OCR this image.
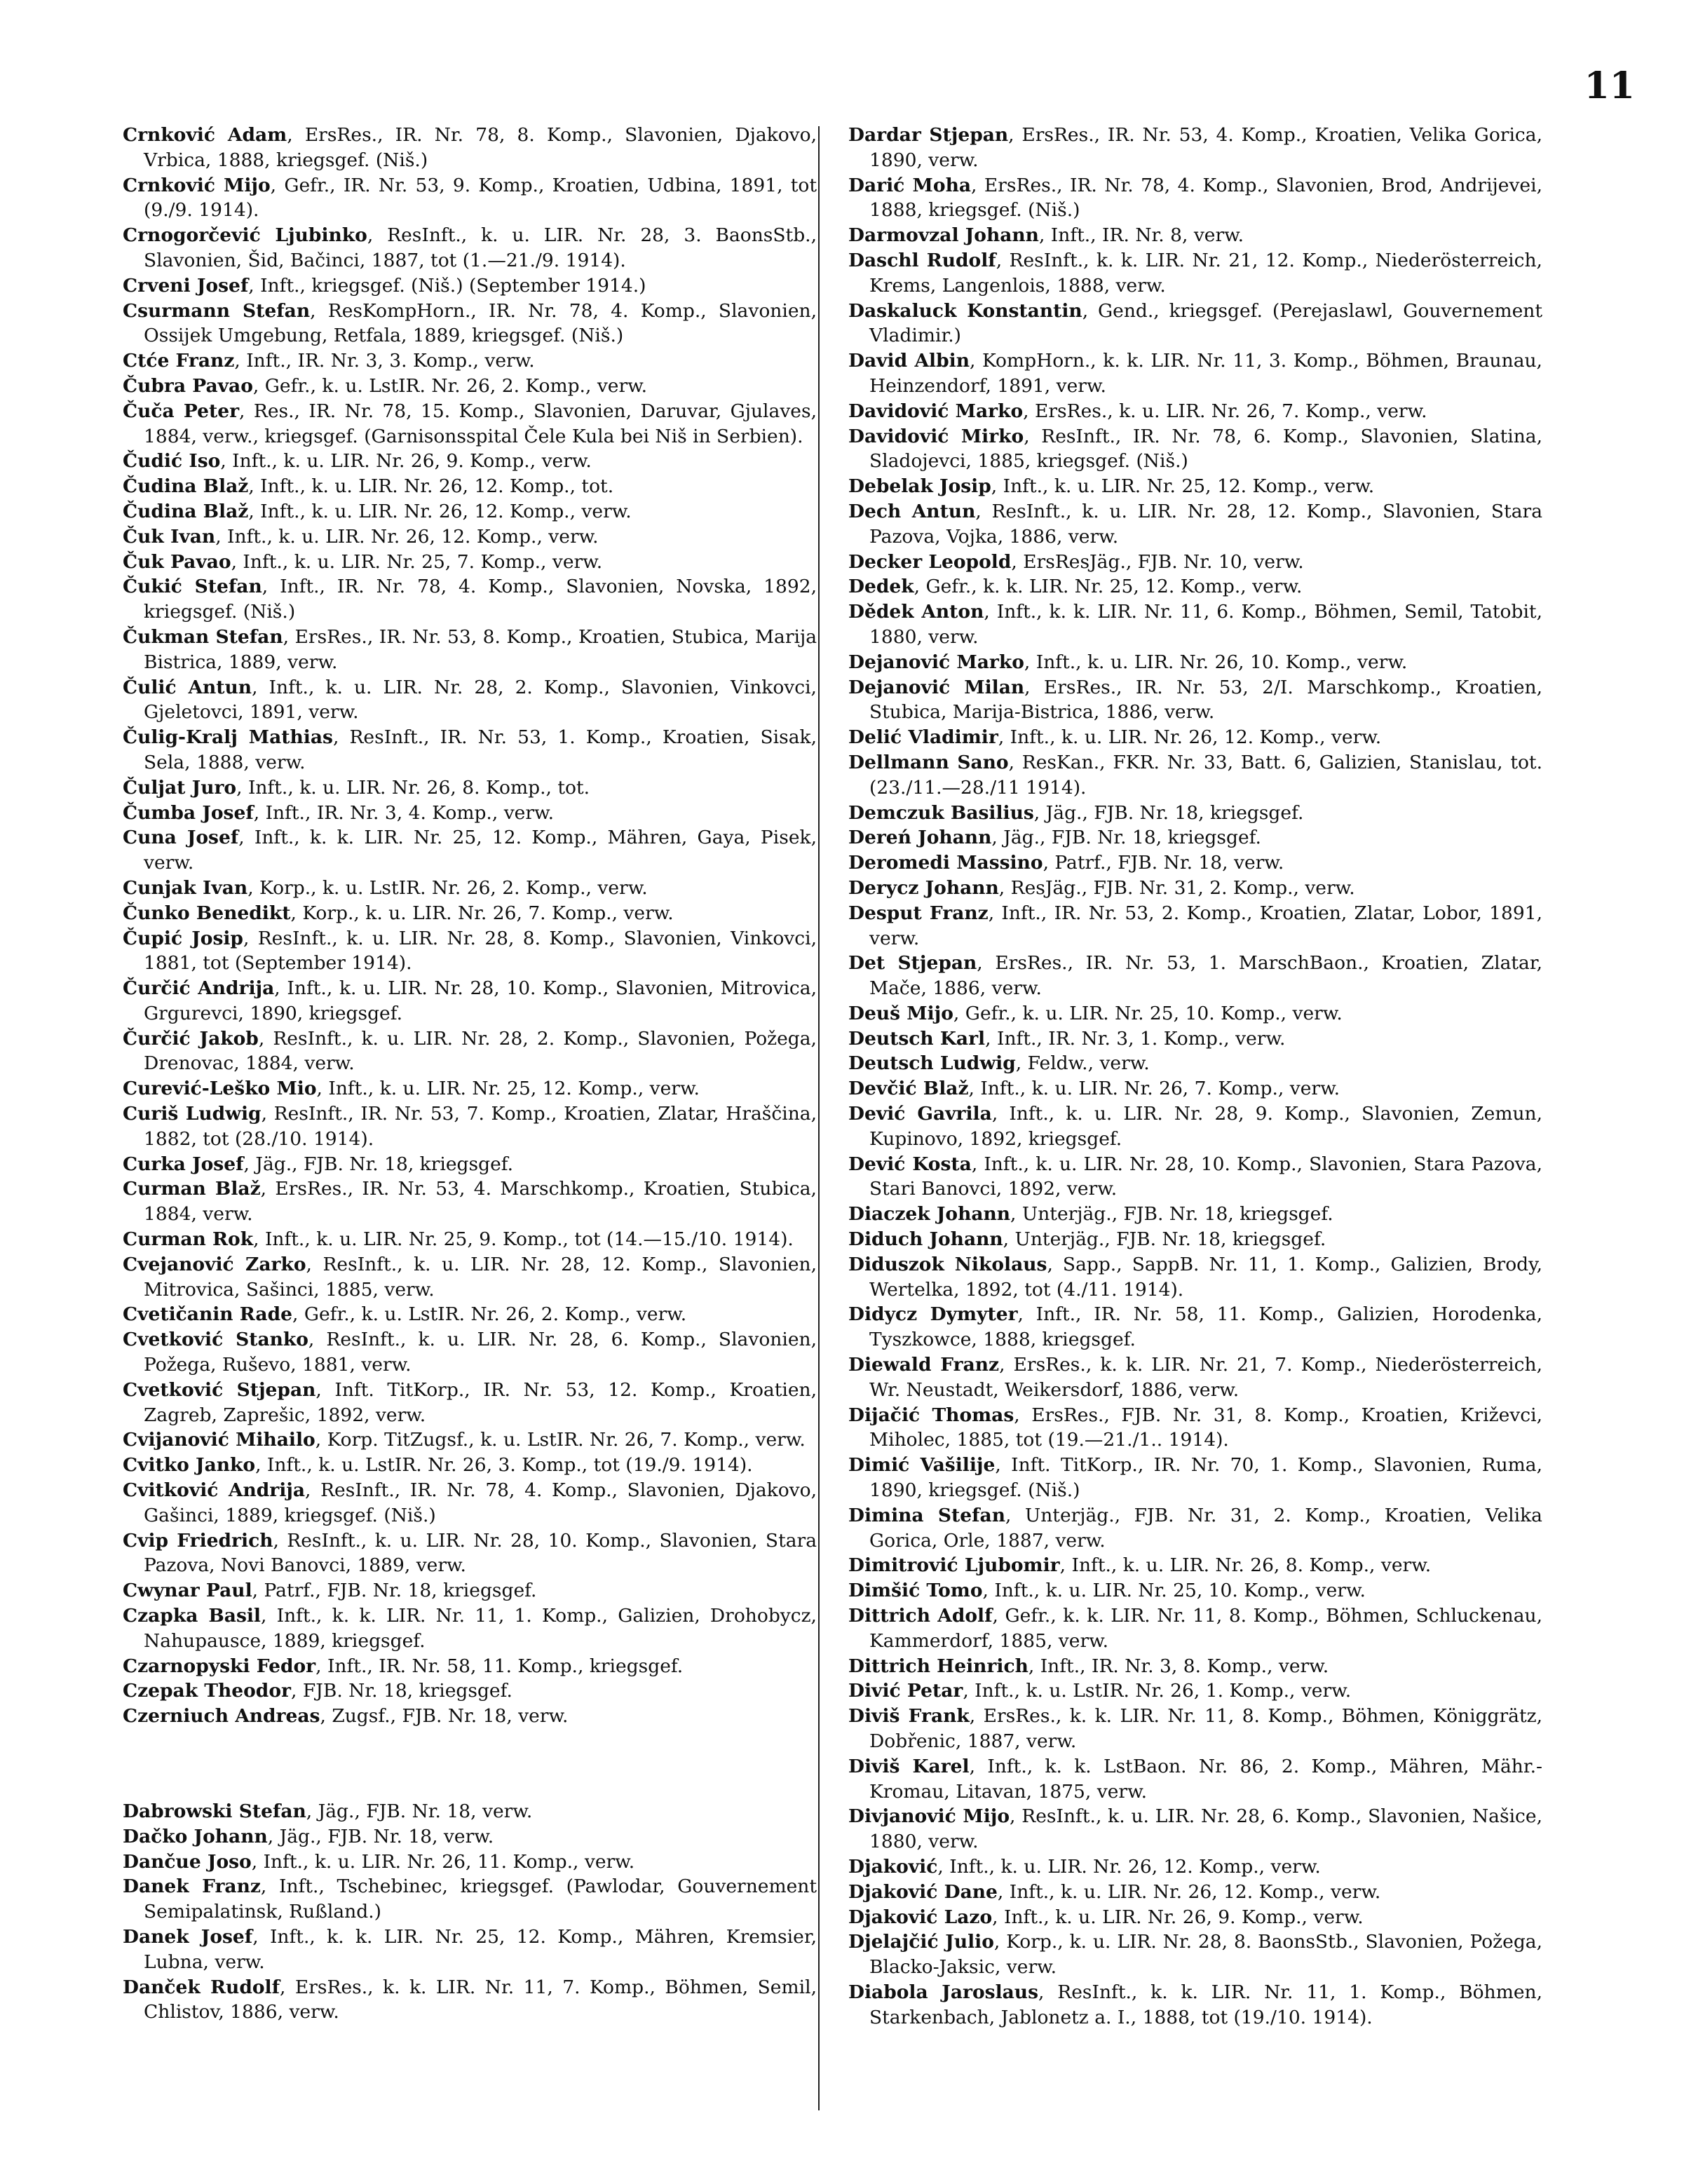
11

Crnković Adam, ErsRes., IR. Nr. 78, 8. Komp., Slavonien, Djakovo, Vrbica, 1888, kriegsgef. (Niš.)

Crnković Mijo, Gefr., IR. Nr. 53, 9. Komp., Kroatien, Udbina, 1891, tot (9./9. 1914).

Crnogorčević Ljubinko, ResInft., k. u. LIR. Nr. 28, 3. BaonsStb., Slavonien, Šid, Bačinci, 1887, tot (1.—21./9. 1914).

Crveni Josef, Inft., kriegsgef. (Niš.) (September 1914.)

Csurmann Stefan, ResKompHorn., IR. Nr. 78, 4. Komp., Slavonien, Ossijek Umgebung, Retfala, 1889, kriegsgef. (Niš.)

Ctće Franz, Inft., IR. Nr. 3, 3. Komp., verw.

Čubra Pavao, Gefr., k. u. LstIR. Nr. 26, 2. Komp., verw.

Čuča Peter, Res., IR. Nr. 78, 15. Komp., Slavonien, Daruvar, Gjulaves, 1884, verw., kriegsgef. (Garnisonsspital Čele Kula bei Niš in Serbien).

Čudić Iso, Inft., k. u. LIR. Nr. 26, 9. Komp., verw.

Čudina Blaž, Inft., k. u. LIR. Nr. 26, 12. Komp., tot.

Čudina Blaž, Inft., k. u. LIR. Nr. 26, 12. Komp., verw.

Čuk Ivan, Inft., k. u. LIR. Nr. 26, 12. Komp., verw.

Čuk Pavao, Inft., k. u. LIR. Nr. 25, 7. Komp., verw.

Čukić Stefan, Inft., IR. Nr. 78, 4. Komp., Slavonien, Novska, 1892, kriegsgef. (Niš.)

Čukman Stefan, ErsRes., IR. Nr. 53, 8. Komp., Kroatien, Stubica, Marija Bistrica, 1889, verw.

Čulić Antun, Inft., k. u. LIR. Nr. 28, 2. Komp., Slavonien, Vinkovci, Gjeletovci, 1891, verw.

Čulig-Kralj Mathias, ResInft., IR. Nr. 53, 1. Komp., Kroatien, Sisak, Sela, 1888, verw.

Čuljat Juro, Inft., k. u. LIR. Nr. 26, 8. Komp., tot.

Čumba Josef, Inft., IR. Nr. 3, 4. Komp., verw.

Cuna Josef, Inft., k. k. LIR. Nr. 25, 12. Komp., Mähren, Gaya, Pisek, verw.

Cunjak Ivan, Korp., k. u. LstIR. Nr. 26, 2. Komp., verw.

Čunko Benedikt, Korp., k. u. LIR. Nr. 26, 7. Komp., verw.

Čupić Josip, ResInft., k. u. LIR. Nr. 28, 8. Komp., Slavonien, Vinkovci, 1881, tot (September 1914).

Čurčić Andrija, Inft., k. u. LIR. Nr. 28, 10. Komp., Slavonien, Mitrovica, Grgurevci, 1890, kriegsgef.

Čurčić Jakob, ResInft., k. u. LIR. Nr. 28, 2. Komp., Slavonien, Požega, Drenovac, 1884, verw.

Curević-Leško Mio, Inft., k. u. LIR. Nr. 25, 12. Komp., verw.

Curiš Ludwig, ResInft., IR. Nr. 53, 7. Komp., Kroatien, Zlatar, Hraščina, 1882, tot (28./10. 1914).

Curka Josef, Jäg., FJB. Nr. 18, kriegsgef.

Curman Blaž, ErsRes., IR. Nr. 53, 4. Marschkomp., Kroatien, Stubica, 1884, verw.

Curman Rok, Inft., k. u. LIR. Nr. 25, 9. Komp., tot (14.—15./10. 1914).

Cvejanović Zarko, ResInft., k. u. LIR. Nr. 28, 12. Komp., Slavonien, Mitrovica, Sašinci, 1885, verw.

Cvetičanin Rade, Gefr., k. u. LstIR. Nr. 26, 2. Komp., verw.

Cvetković Stanko, ResInft., k. u. LIR. Nr. 28, 6. Komp., Slavonien, Požega, Ruševo, 1881, verw.

Cvetković Stjepan, Inft. TitKorp., IR. Nr. 53, 12. Komp., Kroatien, Zagreb, Zaprešic, 1892, verw.

Cvijanović Mihailo, Korp. TitZugsf., k. u. LstIR. Nr. 26, 7. Komp., verw.

Cvitko Janko, Inft., k. u. LstIR. Nr. 26, 3. Komp., tot (19./9. 1914).

Cvitković Andrija, ResInft., IR. Nr. 78, 4. Komp., Slavonien, Djakovo, Gašinci, 1889, kriegsgef. (Niš.)

Cvip Friedrich, ResInft., k. u. LIR. Nr. 28, 10. Komp., Slavonien, Stara Pazova, Novi Banovci, 1889, verw.

Cwynar Paul, Patrf., FJB. Nr. 18, kriegsgef.

Czapka Basil, Inft., k. k. LIR. Nr. 11, 1. Komp., Galizien, Drohobycz, Nahupausce, 1889, kriegsgef.

Czarnopyski Fedor, Inft., IR. Nr. 58, 11. Komp., kriegsgef.

Czepak Theodor, FJB. Nr. 18, kriegsgef.

Czerniuch Andreas, Zugsf., FJB. Nr. 18, verw.

Dabrowski Stefan, Jäg., FJB. Nr. 18, verw.

Dačko Johann, Jäg., FJB. Nr. 18, verw.

Dančue Joso, Inft., k. u. LIR. Nr. 26, 11. Komp., verw.

Danek Franz, Inft., Tschebinec, kriegsgef. (Pawlodar, Gouvernement Semipalatinsk, Rußland.)

Danek Josef, Inft., k. k. LIR. Nr. 25, 12. Komp., Mähren, Kremsier, Lubna, verw.

Danček Rudolf, ErsRes., k. k. LIR. Nr. 11, 7. Komp., Böhmen, Semil, Chlistov, 1886, verw.

Dardar Stjepan, ErsRes., IR. Nr. 53, 4. Komp., Kroatien, Velika Gorica, 1890, verw.

Darić Moha, ErsRes., IR. Nr. 78, 4. Komp., Slavonien, Brod, Andrijevei, 1888, kriegsgef. (Niš.)

Darmovzal Johann, Inft., IR. Nr. 8, verw.

Daschl Rudolf, ResInft., k. k. LIR. Nr. 21, 12. Komp., Niederösterreich, Krems, Langenlois, 1888, verw.

Daskaluck Konstantin, Gend., kriegsgef. (Perejaslawl, Gouvernement Vladimir.)

David Albin, KompHorn., k. k. LIR. Nr. 11, 3. Komp., Böhmen, Braunau, Heinzendorf, 1891, verw.

Davidović Marko, ErsRes., k. u. LIR. Nr. 26, 7. Komp., verw.

Davidović Mirko, ResInft., IR. Nr. 78, 6. Komp., Slavonien, Slatina, Sladojevci, 1885, kriegsgef. (Niš.)

Debelak Josip, Inft., k. u. LIR. Nr. 25, 12. Komp., verw.

Dech Antun, ResInft., k. u. LIR. Nr. 28, 12. Komp., Slavonien, Stara Pazova, Vojka, 1886, verw.

Decker Leopold, ErsResJäg., FJB. Nr. 10, verw.

Dedek, Gefr., k. k. LIR. Nr. 25, 12. Komp., verw.

Dědek Anton, Inft., k. k. LIR. Nr. 11, 6. Komp., Böhmen, Semil, Tatobit, 1880, verw.

Dejanović Marko, Inft., k. u. LIR. Nr. 26, 10. Komp., verw.

Dejanović Milan, ErsRes., IR. Nr. 53, 2/I. Marschkomp., Kroatien, Stubica, Marija-Bistrica, 1886, verw.

Delić Vladimir, Inft., k. u. LIR. Nr. 26, 12. Komp., verw.

Dellmann Sano, ResKan., FKR. Nr. 33, Batt. 6, Galizien, Stanislau, tot. (23./11.—28./11 1914).

Demczuk Basilius, Jäg., FJB. Nr. 18, kriegsgef.

Dereń Johann, Jäg., FJB. Nr. 18, kriegsgef.

Deromedi Massino, Patrf., FJB. Nr. 18, verw.

Derycz Johann, ResJäg., FJB. Nr. 31, 2. Komp., verw.

Desput Franz, Inft., IR. Nr. 53, 2. Komp., Kroatien, Zlatar, Lobor, 1891, verw.

Det Stjepan, ErsRes., IR. Nr. 53, 1. MarschBaon., Kroatien, Zlatar, Mače, 1886, verw.

Deuš Mijo, Gefr., k. u. LIR. Nr. 25, 10. Komp., verw.

Deutsch Karl, Inft., IR. Nr. 3, 1. Komp., verw.

Deutsch Ludwig, Feldw., verw.

Devčić Blaž, Inft., k. u. LIR. Nr. 26, 7. Komp., verw.

Dević Gavrila, Inft., k. u. LIR. Nr. 28, 9. Komp., Slavonien, Zemun, Kupinovo, 1892, kriegsgef.

Dević Kosta, Inft., k. u. LIR. Nr. 28, 10. Komp., Slavonien, Stara Pazova, Stari Banovci, 1892, verw.

Diaczek Johann, Unterjäg., FJB. Nr. 18, kriegsgef.

Diduch Johann, Unterjäg., FJB. Nr. 18, kriegsgef.

Diduszok Nikolaus, Sapp., SappB. Nr. 11, 1. Komp., Galizien, Brody, Wertelka, 1892, tot (4./11. 1914).

Didycz Dymyter, Inft., IR. Nr. 58, 11. Komp., Galizien, Horodenka, Tyszkowce, 1888, kriegsgef.

Diewald Franz, ErsRes., k. k. LIR. Nr. 21, 7. Komp., Niederösterreich, Wr. Neustadt, Weikersdorf, 1886, verw.

Dijačić Thomas, ErsRes., FJB. Nr. 31, 8. Komp., Kroatien, Križevci, Miholec, 1885, tot (19.—21./1.. 1914).

Dimić Vašilije, Inft. TitKorp., IR. Nr. 70, 1. Komp., Slavonien, Ruma, 1890, kriegsgef. (Niš.)

Dimina Stefan, Unterjäg., FJB. Nr. 31, 2. Komp., Kroatien, Velika Gorica, Orle, 1887, verw.

Dimitrović Ljubomir, Inft., k. u. LIR. Nr. 26, 8. Komp., verw.

Dimšić Tomo, Inft., k. u. LIR. Nr. 25, 10. Komp., verw.

Dittrich Adolf, Gefr., k. k. LIR. Nr. 11, 8. Komp., Böhmen, Schluckenau, Kammerdorf, 1885, verw.

Dittrich Heinrich, Inft., IR. Nr. 3, 8. Komp., verw.

Divić Petar, Inft., k. u. LstIR. Nr. 26, 1. Komp., verw.

Diviš Frank, ErsRes., k. k. LIR. Nr. 11, 8. Komp., Böhmen, Königgrätz, Dobřenic, 1887, verw.

Diviš Karel, Inft., k. k. LstBaon. Nr. 86, 2. Komp., Mähren, Mähr.-Kromau, Litavan, 1875, verw.

Divjanović Mijo, ResInft., k. u. LIR. Nr. 28, 6. Komp., Slavonien, Našice, 1880, verw.

Djaković, Inft., k. u. LIR. Nr. 26, 12. Komp., verw.

Djaković Dane, Inft., k. u. LIR. Nr. 26, 12. Komp., verw.

Djaković Lazo, Inft., k. u. LIR. Nr. 26, 9. Komp., verw.

Djelajčić Julio, Korp., k. u. LIR. Nr. 28, 8. BaonsStb., Slavonien, Požega, Blacko-Jaksic, verw.

Diabola Jaroslaus, ResInft., k. k. LIR. Nr. 11, 1. Komp., Böhmen, Starkenbach, Jablonetz a. I., 1888, tot (19./10. 1914).
